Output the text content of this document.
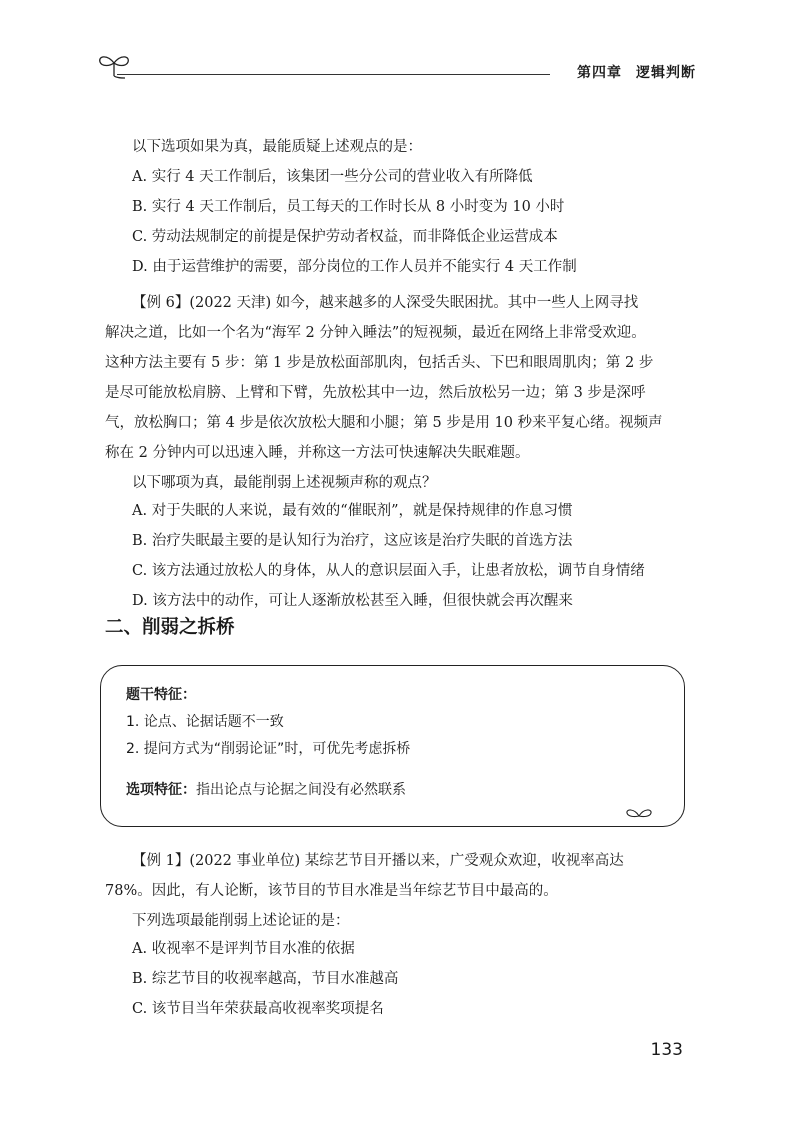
第四章 逻辑判断
以下选项如果为真，最能质疑上述观点的是：
A. 实行 4 天工作制后，该集团一些分公司的营业收入有所降低
B. 实行 4 天工作制后，员工每天的工作时长从 8 小时变为 10 小时
C. 劳动法规制定的前提是保护劳动者权益，而非降低企业运营成本
D. 由于运营维护的需要，部分岗位的工作人员并不能实行 4 天工作制
【例 6】(2022 天津) 如今，越来越多的人深受失眠困扰。其中一些人上网寻找
解决之道，比如一个名为“海军 2 分钟入睡法”的短视频，最近在网络上非常受欢迎。
这种方法主要有 5 步：第 1 步是放松面部肌肉，包括舌头、下巴和眼周肌肉；第 2 步
是尽可能放松肩膀、上臂和下臂，先放松其中一边，然后放松另一边；第 3 步是深呼
气，放松胸口；第 4 步是依次放松大腿和小腿；第 5 步是用 10 秒来平复心绪。视频声
称在 2 分钟内可以迅速入睡，并称这一方法可快速解决失眠难题。
以下哪项为真，最能削弱上述视频声称的观点？
A. 对于失眠的人来说，最有效的“催眠剂”，就是保持规律的作息习惯
B. 治疗失眠最主要的是认知行为治疗，这应该是治疗失眠的首选方法
C. 该方法通过放松人的身体，从人的意识层面入手，让患者放松，调节自身情绪
D. 该方法中的动作，可让人逐渐放松甚至入睡，但很快就会再次醒来
二、削弱之拆桥
题干特征：
1. 论点、论据话题不一致
2. 提问方式为“削弱论证”时，可优先考虑拆桥
选项特征：指出论点与论据之间没有必然联系
【例 1】(2022 事业单位) 某综艺节目开播以来，广受观众欢迎，收视率高达
78%。因此，有人论断，该节目的节目水准是当年综艺节目中最高的。
下列选项最能削弱上述论证的是：
A. 收视率不是评判节目水准的依据
B. 综艺节目的收视率越高，节目水准越高
C. 该节目当年荣获最高收视率奖项提名
133
